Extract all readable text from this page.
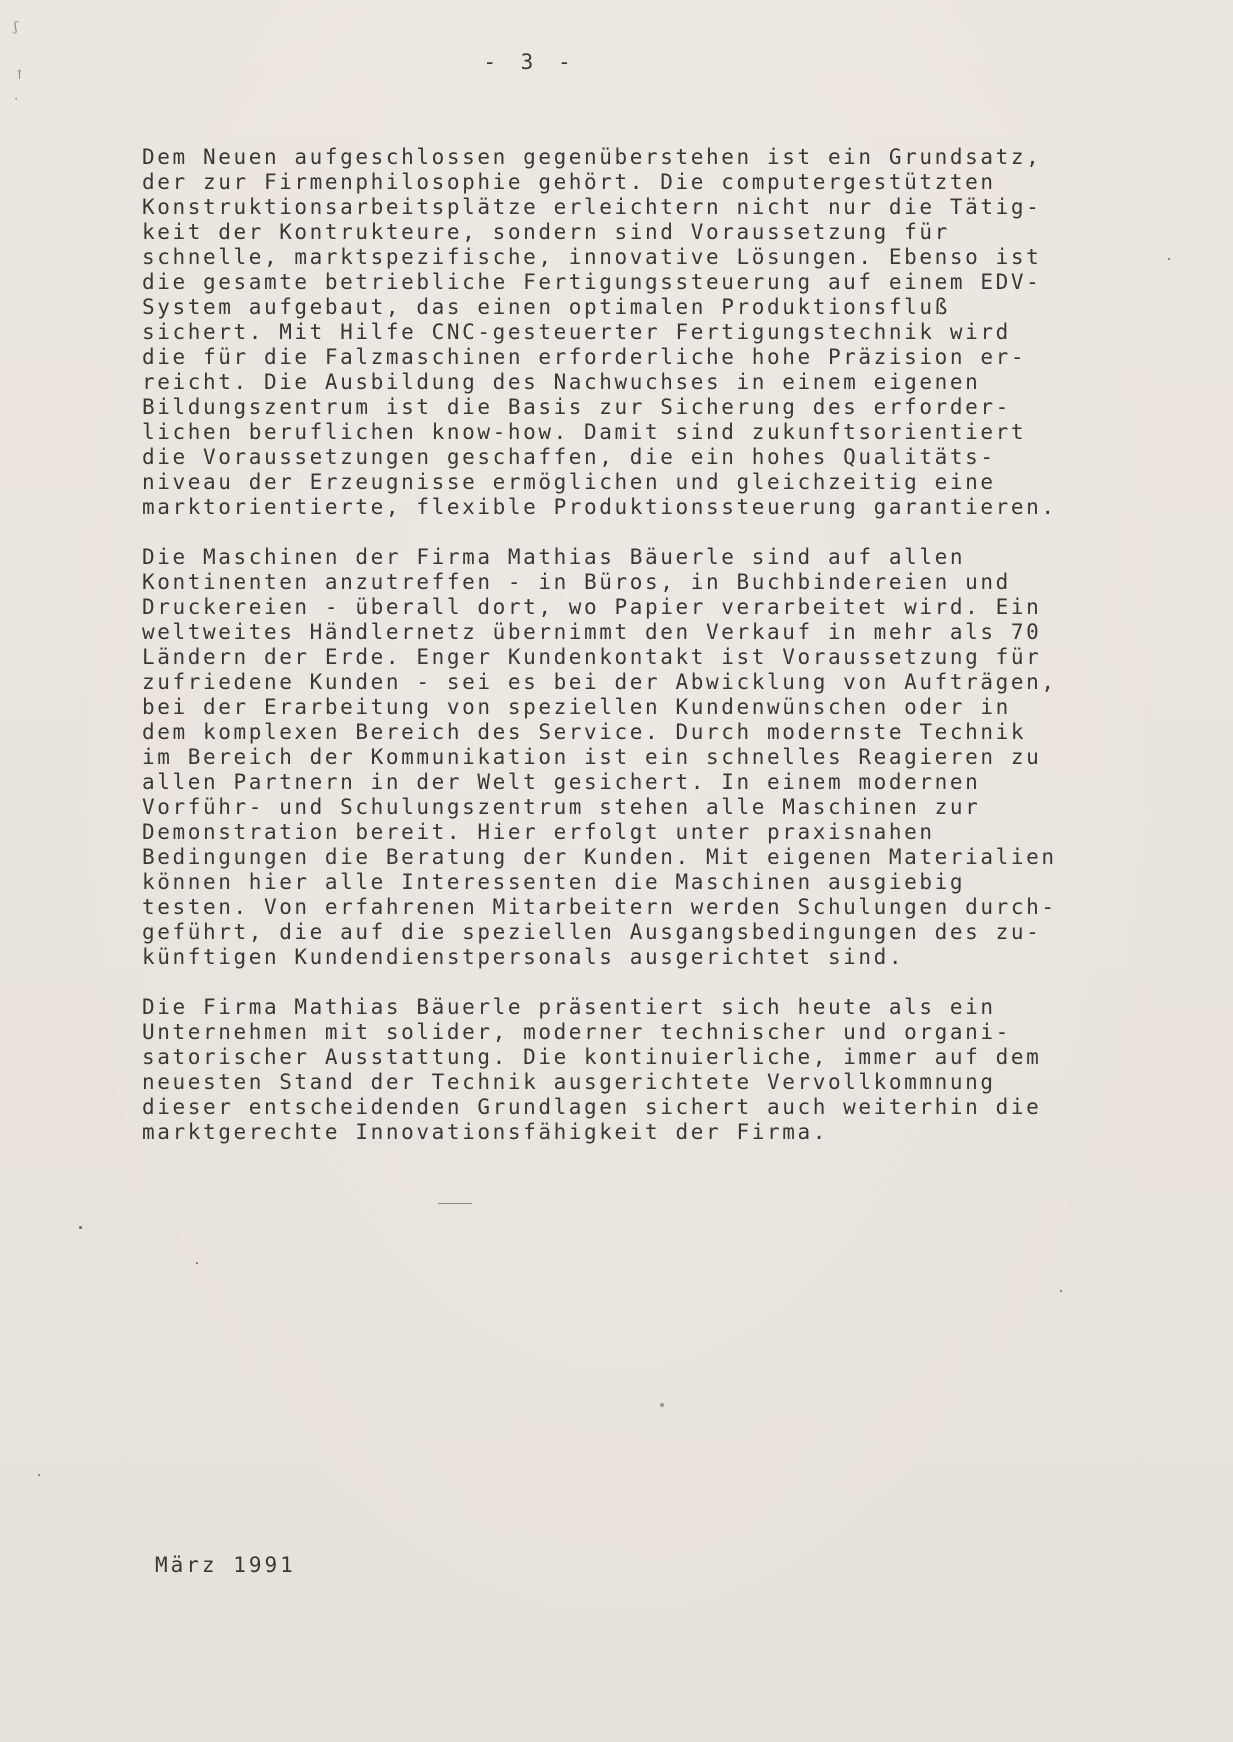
ʃ
↑
·
- 3 -
Dem Neuen aufgeschlossen gegenüberstehen ist ein Grundsatz,
der zur Firmenphilosophie gehört. Die computergestützten
Konstruktionsarbeitsplätze erleichtern nicht nur die Tätig-
keit der Kontrukteure, sondern sind Voraussetzung für
schnelle, marktspezifische, innovative Lösungen. Ebenso ist
die gesamte betriebliche Fertigungssteuerung auf einem EDV-
System aufgebaut, das einen optimalen Produktionsfluß
sichert. Mit Hilfe CNC-gesteuerter Fertigungstechnik wird
die für die Falzmaschinen erforderliche hohe Präzision er-
reicht. Die Ausbildung des Nachwuchses in einem eigenen
Bildungszentrum ist die Basis zur Sicherung des erforder-
lichen beruflichen know-how. Damit sind zukunftsorientiert
die Voraussetzungen geschaffen, die ein hohes Qualitäts-
niveau der Erzeugnisse ermöglichen und gleichzeitig eine
marktorientierte, flexible Produktionssteuerung garantieren.
Die Maschinen der Firma Mathias Bäuerle sind auf allen
Kontinenten anzutreffen - in Büros, in Buchbindereien und
Druckereien - überall dort, wo Papier verarbeitet wird. Ein
weltweites Händlernetz übernimmt den Verkauf in mehr als 70
Ländern der Erde. Enger Kundenkontakt ist Voraussetzung für
zufriedene Kunden - sei es bei der Abwicklung von Aufträgen,
bei der Erarbeitung von speziellen Kundenwünschen oder in
dem komplexen Bereich des Service. Durch modernste Technik
im Bereich der Kommunikation ist ein schnelles Reagieren zu
allen Partnern in der Welt gesichert. In einem modernen
Vorführ- und Schulungszentrum stehen alle Maschinen zur
Demonstration bereit. Hier erfolgt unter praxisnahen
Bedingungen die Beratung der Kunden. Mit eigenen Materialien
können hier alle Interessenten die Maschinen ausgiebig
testen. Von erfahrenen Mitarbeitern werden Schulungen durch-
geführt, die auf die speziellen Ausgangsbedingungen des zu-
künftigen Kundendienstpersonals ausgerichtet sind.
Die Firma Mathias Bäuerle präsentiert sich heute als ein
Unternehmen mit solider, moderner technischer und organi-
satorischer Ausstattung. Die kontinuierliche, immer auf dem
neuesten Stand der Technik ausgerichtete Vervollkommnung
dieser entscheidenden Grundlagen sichert auch weiterhin die
marktgerechte Innovationsfähigkeit der Firma.
März 1991
